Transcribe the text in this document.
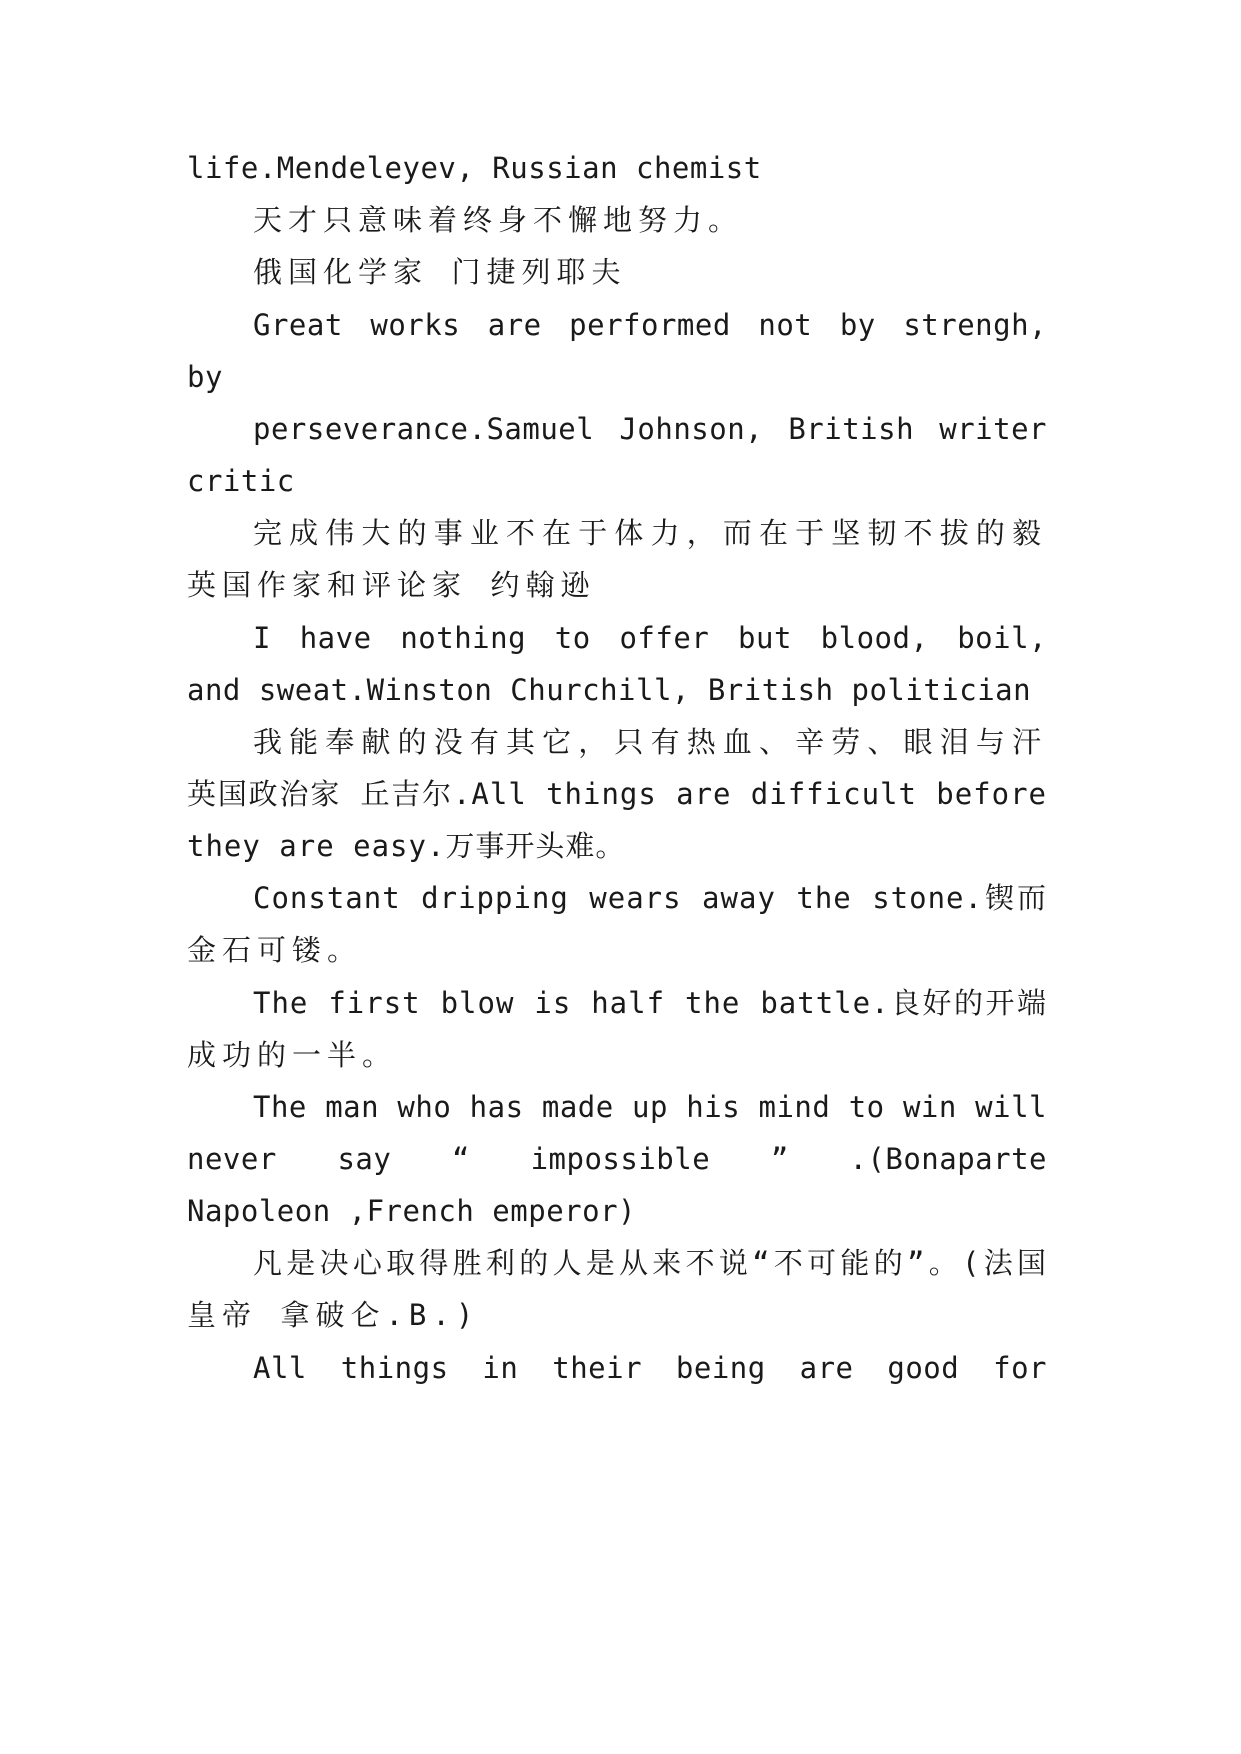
life.Mendeleyev, Russian chemist
天才只意味着终身不懈地努力。
俄国化学家 门捷列耶夫
Great works are performed not by strengh,
by
perseverance.Samuel Johnson, British writer
critic
完成伟大的事业不在于体力，而在于坚韧不拔的毅
英国作家和评论家 约翰逊
I have nothing to offer but blood, boil,
and sweat.Winston Churchill, British politician
我能奉献的没有其它，只有热血、辛劳、眼泪与汗
英国政治家 丘吉尔.All things are difficult before
they are easy.万事开头难。
Constant dripping wears away the stone.锲而
金石可镂。
The first blow is half the battle.良好的开端
成功的一半。
The man who has made up his mind to win will
never say “ impossible ” .(Bonaparte
Napoleon ,French emperor)
凡是决心取得胜利的人是从来不说“不可能的”。(法国
皇帝 拿破仑.B.)
All things in their being are good for
